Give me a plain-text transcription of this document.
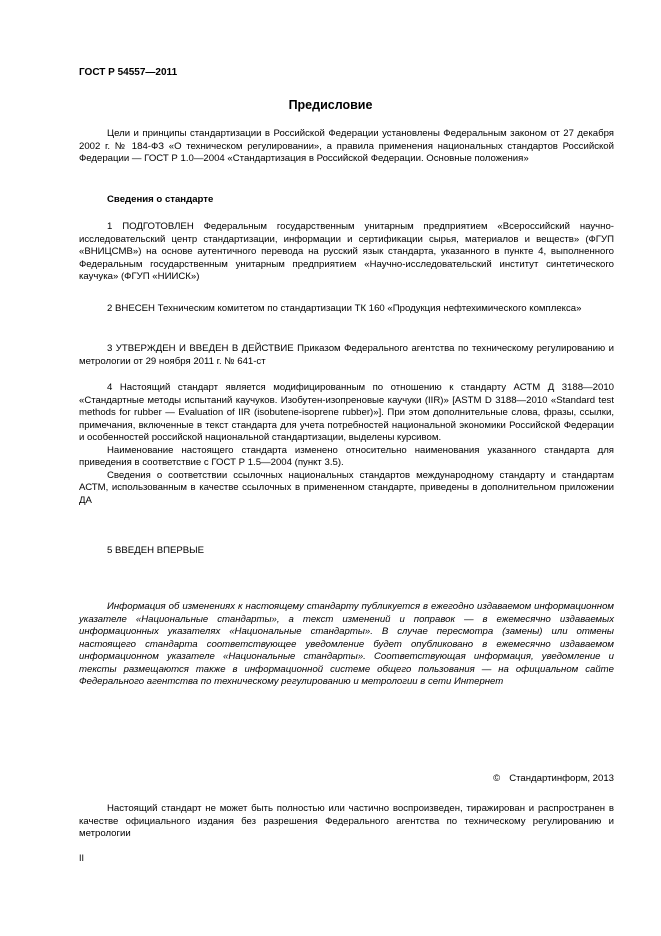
ГОСТ Р 54557—2011
Предисловие

Цели и принципы стандартизации в Российской Федерации установлены Федеральным законом от 27 декабря 2002 г. № 184-ФЗ «О техническом регулировании», а правила применения национальных стандартов Российской Федерации — ГОСТ Р 1.0—2004 «Стандартизация в Российской Федерации. Основные положения»

Сведения о стандарте

1 ПОДГОТОВЛЕН Федеральным государственным унитарным предприятием «Всероссийский научно-исследовательский центр стандартизации, информации и сертификации сырья, материалов и веществ» (ФГУП «ВНИЦСМВ») на основе аутентичного перевода на русский язык стандарта, указанного в пункте 4, выполненного Федеральным государственным унитарным предприятием «Научно-исследовательский институт синтетического каучука» (ФГУП «НИИСК»)

2 ВНЕСЕН Техническим комитетом по стандартизации ТК 160 «Продукция нефтехимического комплекса»

3 УТВЕРЖДЕН И ВВЕДЕН В ДЕЙСТВИЕ Приказом Федерального агентства по техническому регулированию и метрологии от 29 ноября 2011 г. № 641-ст

4 Настоящий стандарт является модифицированным по отношению к стандарту АСТМ Д 3188—2010 «Стандартные методы испытаний каучуков. Изобутен-изопреновые каучуки (IIR)» [ASTM D 3188—2010 «Standard test methods for rubber — Evaluation of IIR (isobutene-isoprene rubber)»]. При этом дополнительные слова, фразы, ссылки, примечания, включенные в текст стандарта для учета потребностей национальной экономики Российской Федерации и особенностей российской национальной стандартизации, выделены курсивом.

Наименование настоящего стандарта изменено относительно наименования указанного стандарта для приведения в соответствие с ГОСТ Р 1.5—2004 (пункт 3.5).

Сведения о соответствии ссылочных национальных стандартов международному стандарту и стандартам АСТМ, использованным в качестве ссылочных в примененном стандарте, приведены в дополнительном приложении ДА

5 ВВЕДЕН ВПЕРВЫЕ

Информация об изменениях к настоящему стандарту публикуется в ежегодно издаваемом информационном указателе «Национальные стандарты», а текст изменений и поправок — в ежемесячно издаваемых информационных указателях «Национальные стандарты». В случае пересмотра (замены) или отмены настоящего стандарта соответствующее уведомление будет опубликовано в ежемесячно издаваемом информационном указателе «Национальные стандарты». Соответствующая информация, уведомление и тексты размещаются также в информационной системе общего пользования — на официальном сайте Федерального агентства по техническому регулированию и метрологии в сети Интернет

© Стандартинформ, 2013

Настоящий стандарт не может быть полностью или частично воспроизведен, тиражирован и распространен в качестве официального издания без разрешения Федерального агентства по техническому регулированию и метрологии

II
